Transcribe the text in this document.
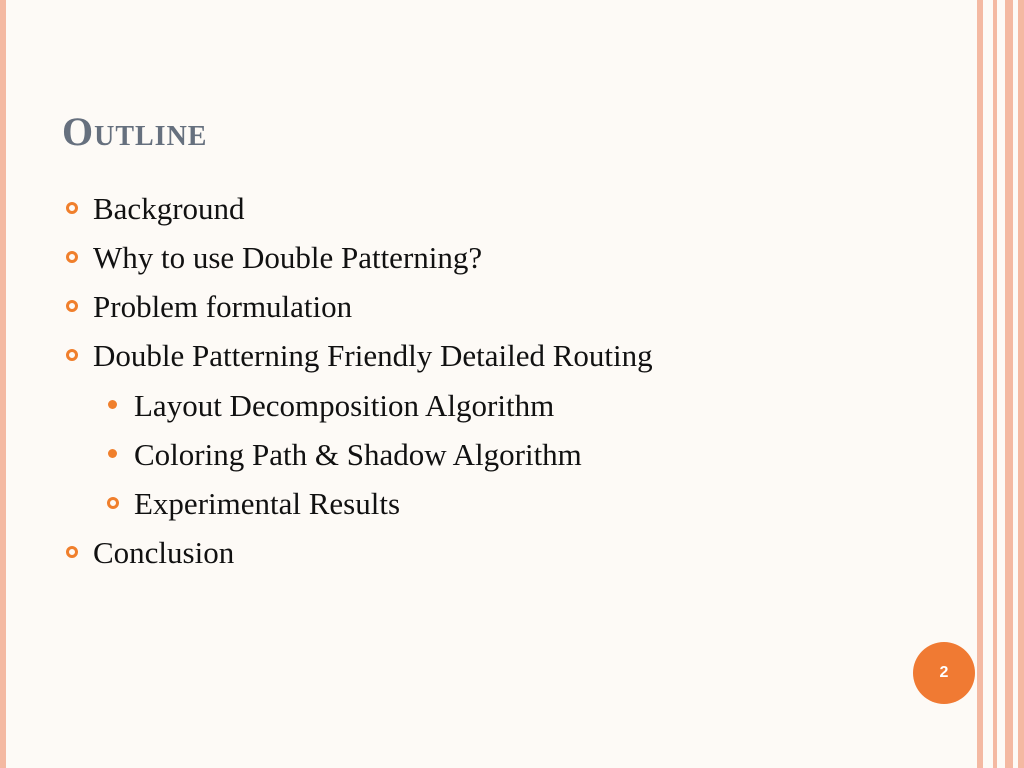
Outline
Background
Why to use Double Patterning?
Problem formulation
Double Patterning Friendly Detailed Routing
Layout Decomposition Algorithm
Coloring Path & Shadow Algorithm
Experimental Results
Conclusion
2
